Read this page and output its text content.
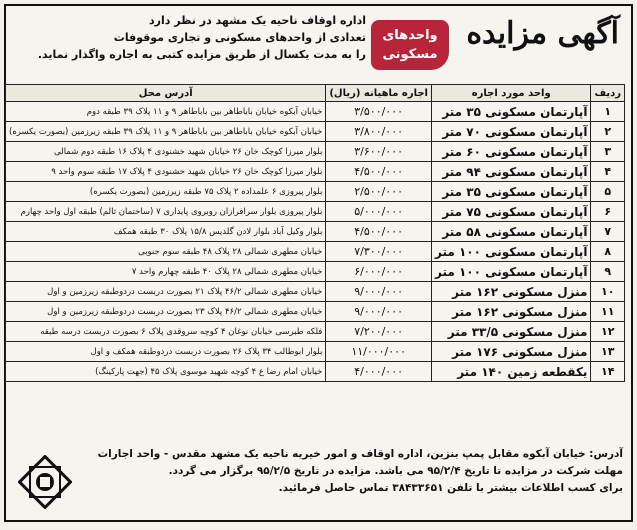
آگهی مزایده
واحدهای
مسکونی
اداره اوقاف ناحیه یک مشهد در نظر دارد
تعدادی از واحدهای مسکونی و تجاری موقوفات
را به مدت یکسال از طریق مزایده کتبی به اجاره واگذار نماید.
ردیف	واحد مورد اجاره	اجاره ماهیانه (ریال)	آدرس محل
۱	آپارتمان مسکونی ۳۵ متر	۳/۵۰۰/۰۰۰	خیابان آبکوه خیابان باباطاهر بین باباطاهر ۹ و ۱۱ پلاک ۳۹ طبقه دوم
۲	آپارتمان مسکونی ۷۰ متر	۳/۸۰۰/۰۰۰	خیابان آبکوه خیابان باباطاهر بین باباطاهر ۹ و ۱۱ پلاک ۳۹ طبقه زیرزمین (بصورت یکسره)
۳	آپارتمان مسکونی ۶۰ متر	۳/۶۰۰/۰۰۰	بلوار میرزا کوچک خان ۲۶ خیابان شهید خشنودی ۴ پلاک ۱۶ طبقه دوم شمالی
۴	آپارتمان مسکونی ۹۴ متر	۴/۵۰۰/۰۰۰	بلوار میرزا کوچک خان ۲۶ خیابان شهید خشنودی ۴ پلاک ۱۷ طبقه سوم واحد ۹
۵	آپارتمان مسکونی ۳۵ متر	۲/۵۰۰/۰۰۰	بلوار پیروزی ۶ علمداده ۲ پلاک ۷۵ طبقه زیرزمین (بصورت یکسره)
۶	آپارتمان مسکونی ۷۵ متر	۵/۰۰۰/۰۰۰	بلوار پیروزی بلوار سرافرازان روبروی پایداری ۷ (ساختمان ثالم) طبقه اول واحد چهارم
۷	آپارتمان مسکونی ۵۸ متر	۴/۵۰۰/۰۰۰	بلوار وکیل آباد بلوار لادن گلدیس ۱۵/۸ پلاک ۳۰ طبقه همکف
۸	آپارتمان مسکونی ۱۰۰ متر	۷/۳۰۰/۰۰۰	خیابان مطهری شمالی ۲۸ پلاک ۴۸ طبقه سوم جنوبی
۹	آپارتمان مسکونی ۱۰۰ متر	۶/۰۰۰/۰۰۰	خیابان مطهری شمالی ۲۸ پلاک ۴۰ طبقه چهارم واحد ۷
۱۰	منزل مسکونی ۱۶۲ متر	۹/۰۰۰/۰۰۰	خیابان مطهری شمالی ۴۶/۲ پلاک ۲۱ بصورت دربست دردوطبقه زیرزمین و اول
۱۱	منزل مسکونی ۱۶۲ متر	۹/۰۰۰/۰۰۰	خیابان مطهری شمالی ۴۶/۲ پلاک ۲۳ بصورت دربست دردوطبقه زیرزمین و اول
۱۲	منزل مسکونی ۳۳/۵ متر	۷/۲۰۰/۰۰۰	فلکه طبرسی خیابان نوغان ۴ کوچه سروقدی پلاک ۶ بصورت دربست درسه طبقه
۱۳	منزل مسکونی ۱۷۶ متر	۱۱/۰۰۰/۰۰۰	بلوار ابوطالب ۳۴ پلاک ۲۶ بصورت دربست دردوطبقه همکف و اول
۱۴	یکقطعه زمین ۱۴۰ متر	۴/۰۰۰/۰۰۰	خیابان امام رضا ع ۴ کوچه شهید موسوی پلاک ۴۵ (جهت پارکینگ)

آدرس: خیابان آبکوه مقابل پمپ بنزین، اداره اوقاف و امور خیریه ناحیه یک مشهد مقدس - واحد اجارات

مهلت شرکت در مزایده تا تاریخ ۹۵/۲/۴ می باشد. مزایده در تاریخ ۹۵/۲/۵ برگزار می گردد.

برای کسب اطلاعات بیشتر با تلفن ۳۸۴۳۳۶۵۱ تماس حاصل فرمائید.
